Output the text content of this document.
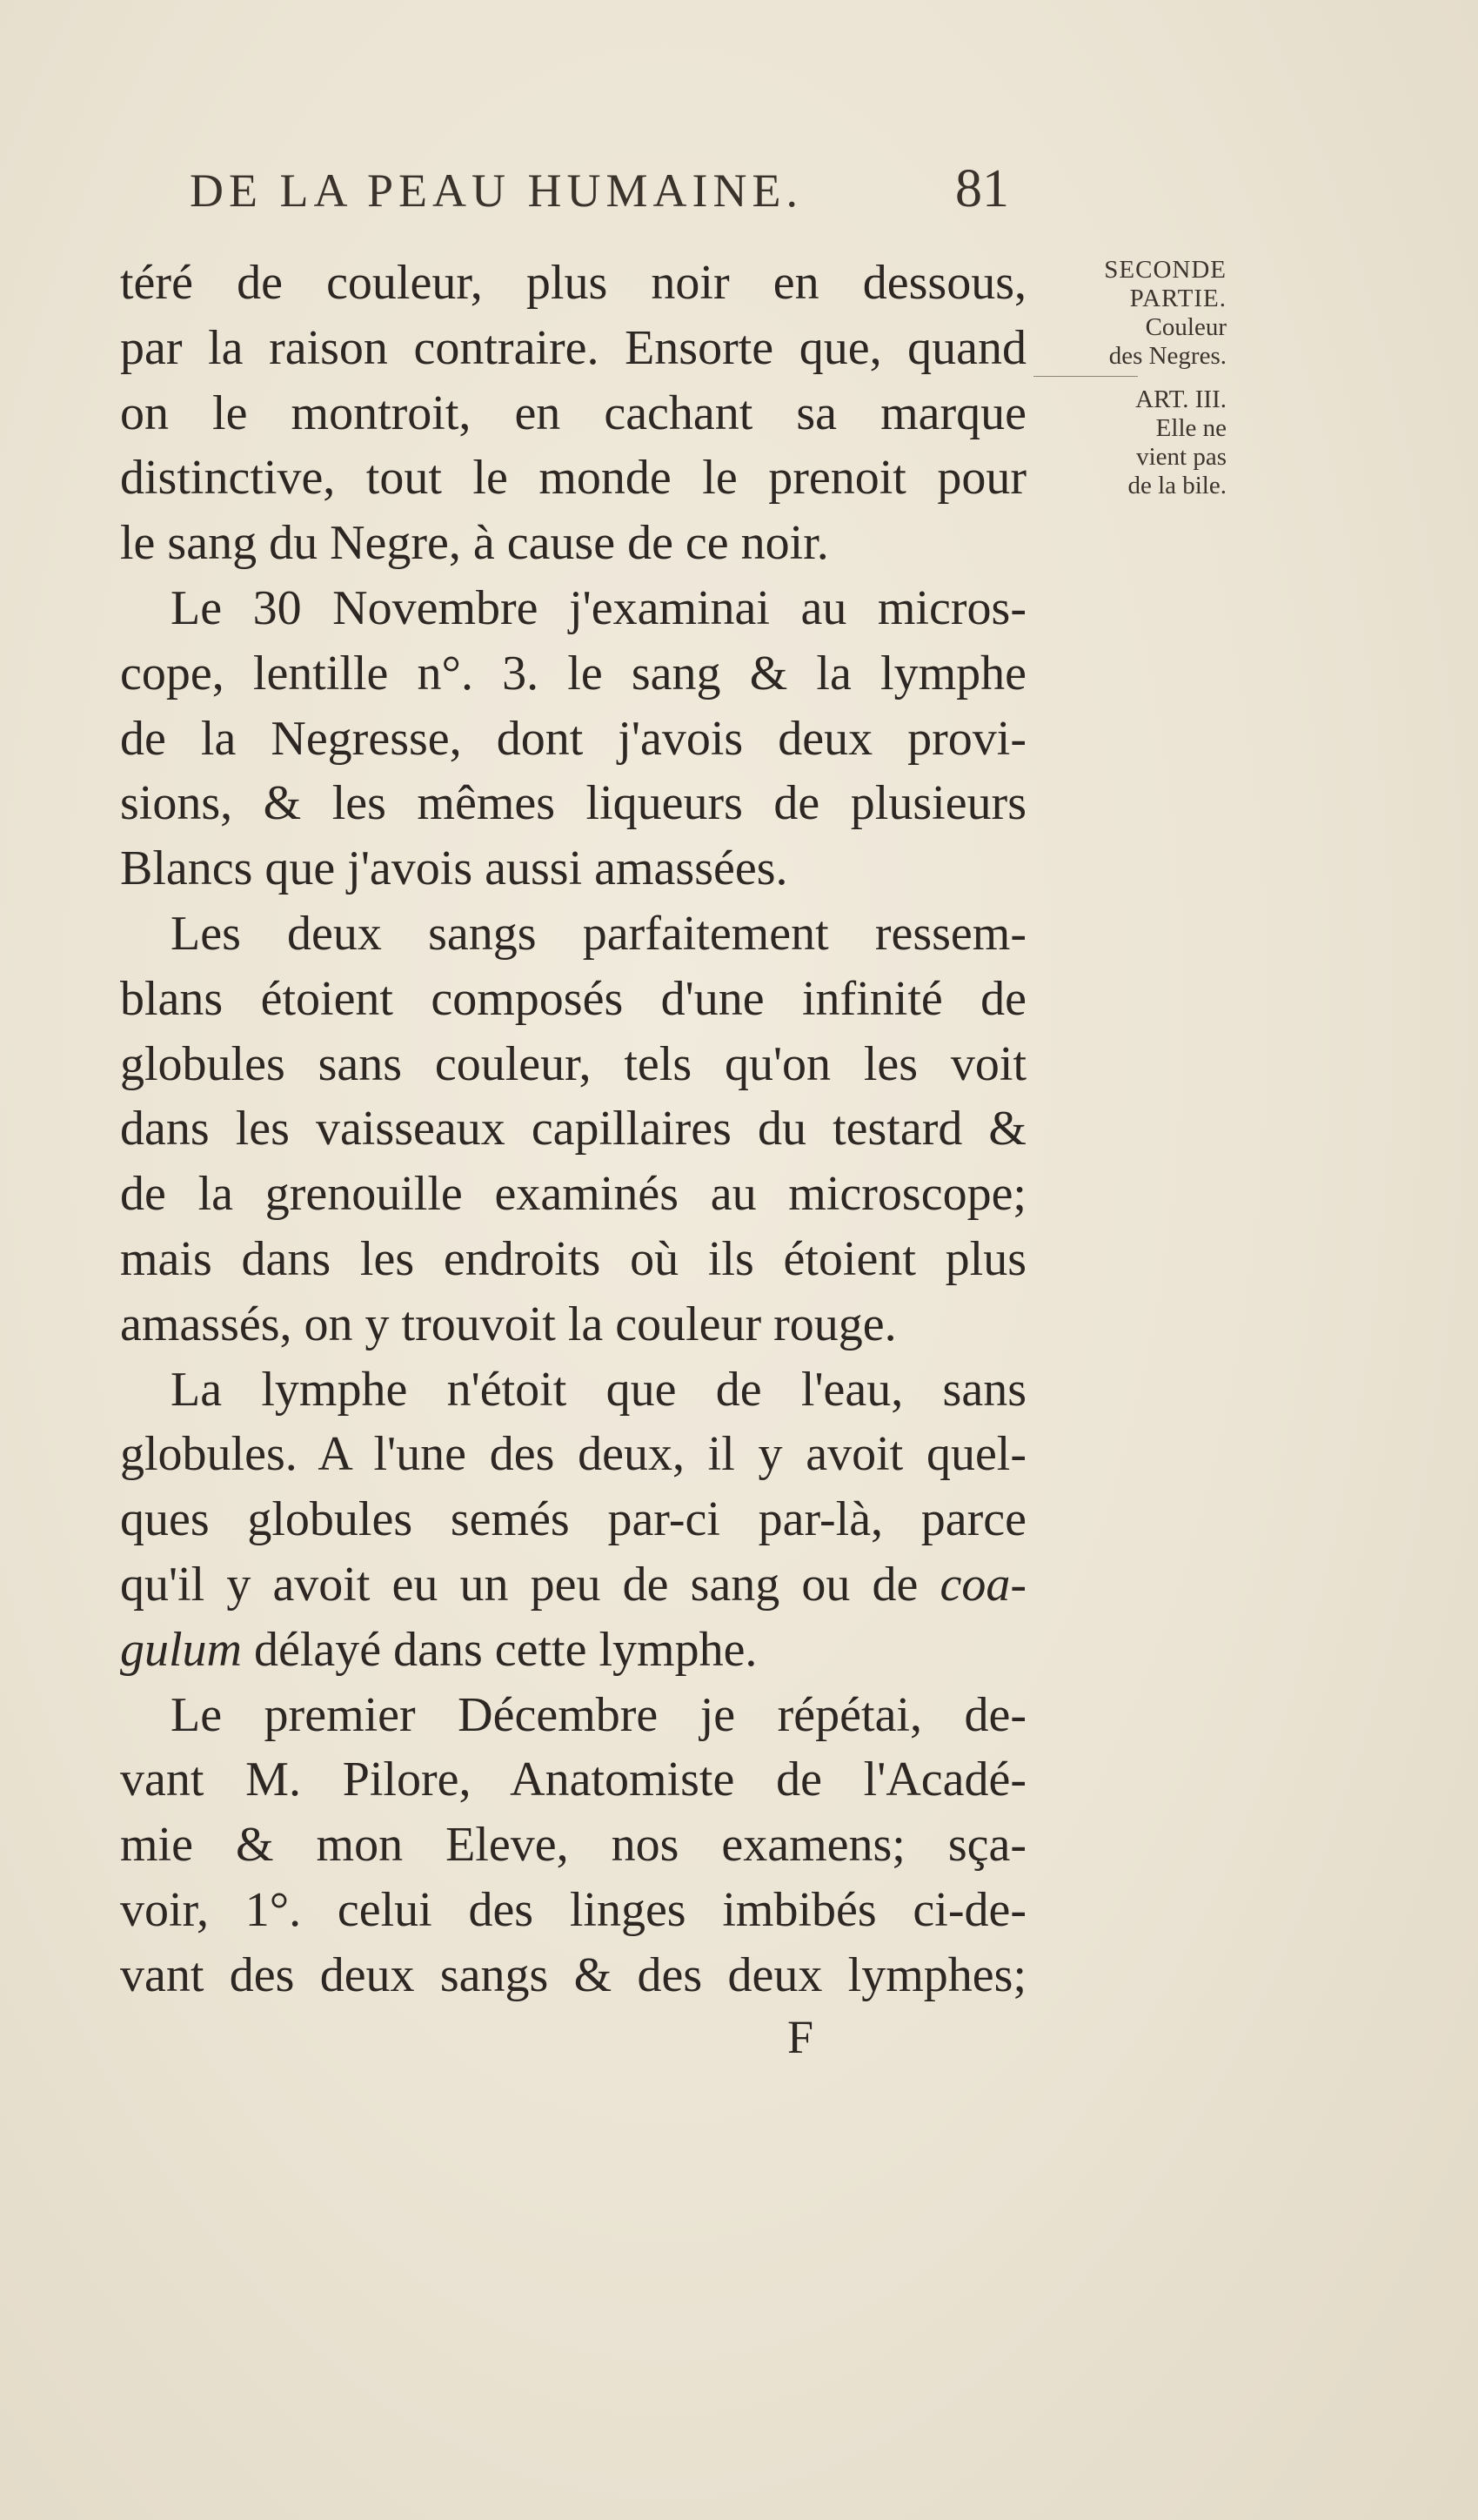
DE LA PEAU HUMAINE.	81
téré de couleur, plus noir en dessous,
par la raison contraire. Ensorte que, quand
on le montroit, en cachant sa marque
distinctive, tout le monde le prenoit pour
le sang du Negre, à cause de ce noir.
Le 30 Novembre j'examinai au micros-
cope, lentille n°. 3. le sang & la lymphe
de la Negresse, dont j'avois deux provi-
sions, & les mêmes liqueurs de plusieurs
Blancs que j'avois aussi amassées.
Les deux sangs parfaitement ressem-
blans étoient composés d'une infinité de
globules sans couleur, tels qu'on les voit
dans les vaisseaux capillaires du testard &
de la grenouille examinés au microscope;
mais dans les endroits où ils étoient plus
amassés, on y trouvoit la couleur rouge.
La lymphe n'étoit que de l'eau, sans
globules. A l'une des deux, il y avoit quel-
ques globules semés par-ci par-là, parce
qu'il y avoit eu un peu de sang ou de coa-
gulum délayé dans cette lymphe.
Le premier Décembre je répétai, de-
vant M. Pilore, Anatomiste de l'Acadé-
mie & mon Eleve, nos examens; sça-
voir, 1°. celui des linges imbibés ci-de-
vant des deux sangs & des deux lymphes;
SECONDE
PARTIE.
Couleur
des Negres.
ART. III.
Elle ne
vient pas
de la bile.
F
